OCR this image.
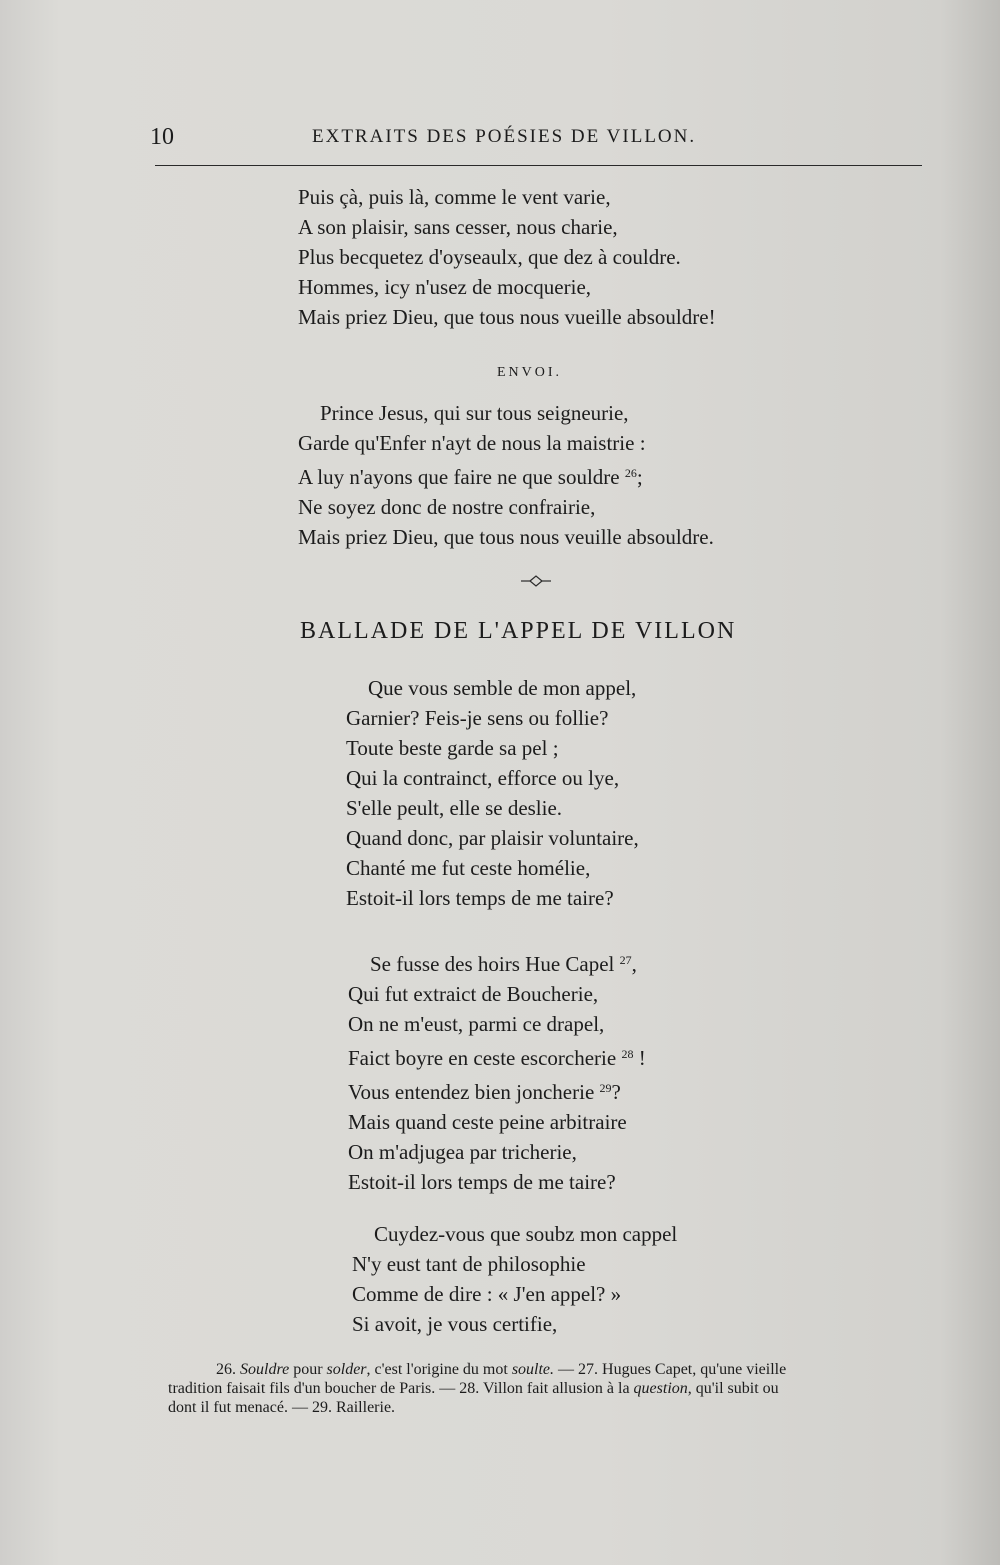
10	EXTRAITS DES POÉSIES DE VILLON.
Puis çà, puis là, comme le vent varie,
A son plaisir, sans cesser, nous charie,
Plus becquetez d'oyseaulx, que dez à couldre.
Hommes, icy n'usez de mocquerie,
Mais priez Dieu, que tous nous vueille absouldre!
ENVOI.
Prince Jesus, qui sur tous seigneurie,
Garde qu'Enfer n'ayt de nous la maistrie :
A luy n'ayons que faire ne que souldre $^{26}$;
Ne soyez donc de nostre confrairie,
Mais priez Dieu, que tous nous veuille absouldre.
BALLADE DE L'APPEL DE VILLON
Que vous semble de mon appel,
Garnier? Feis-je sens ou follie?
Toute beste garde sa pel ;
Qui la contrainct, efforce ou lye,
S'elle peult, elle se deslie.
Quand donc, par plaisir voluntaire,
Chanté me fut ceste homélie,
Estoit-il lors temps de me taire?
Se fusse des hoirs Hue Capel $^{27}$,
Qui fut extraict de Boucherie,
On ne m'eust, parmi ce drapel,
Faict boyre en ceste escorcherie $^{28}$ !
Vous entendez bien joncherie $^{29}$?
Mais quand ceste peine arbitraire
On m'adjugea par tricherie,
Estoit-il lors temps de me taire?
Cuydez-vous que soubz mon cappel
N'y eust tant de philosophie
Comme de dire : « J'en appel? »
Si avoit, je vous certifie,
26. Souldre pour solder, c'est l'origine du mot soulte. — 27. Hugues Capet, qu'une vieille
tradition faisait fils d'un boucher de Paris. — 28. Villon fait allusion à la question, qu'il subit ou
dont il fut menacé. — 29. Raillerie.
